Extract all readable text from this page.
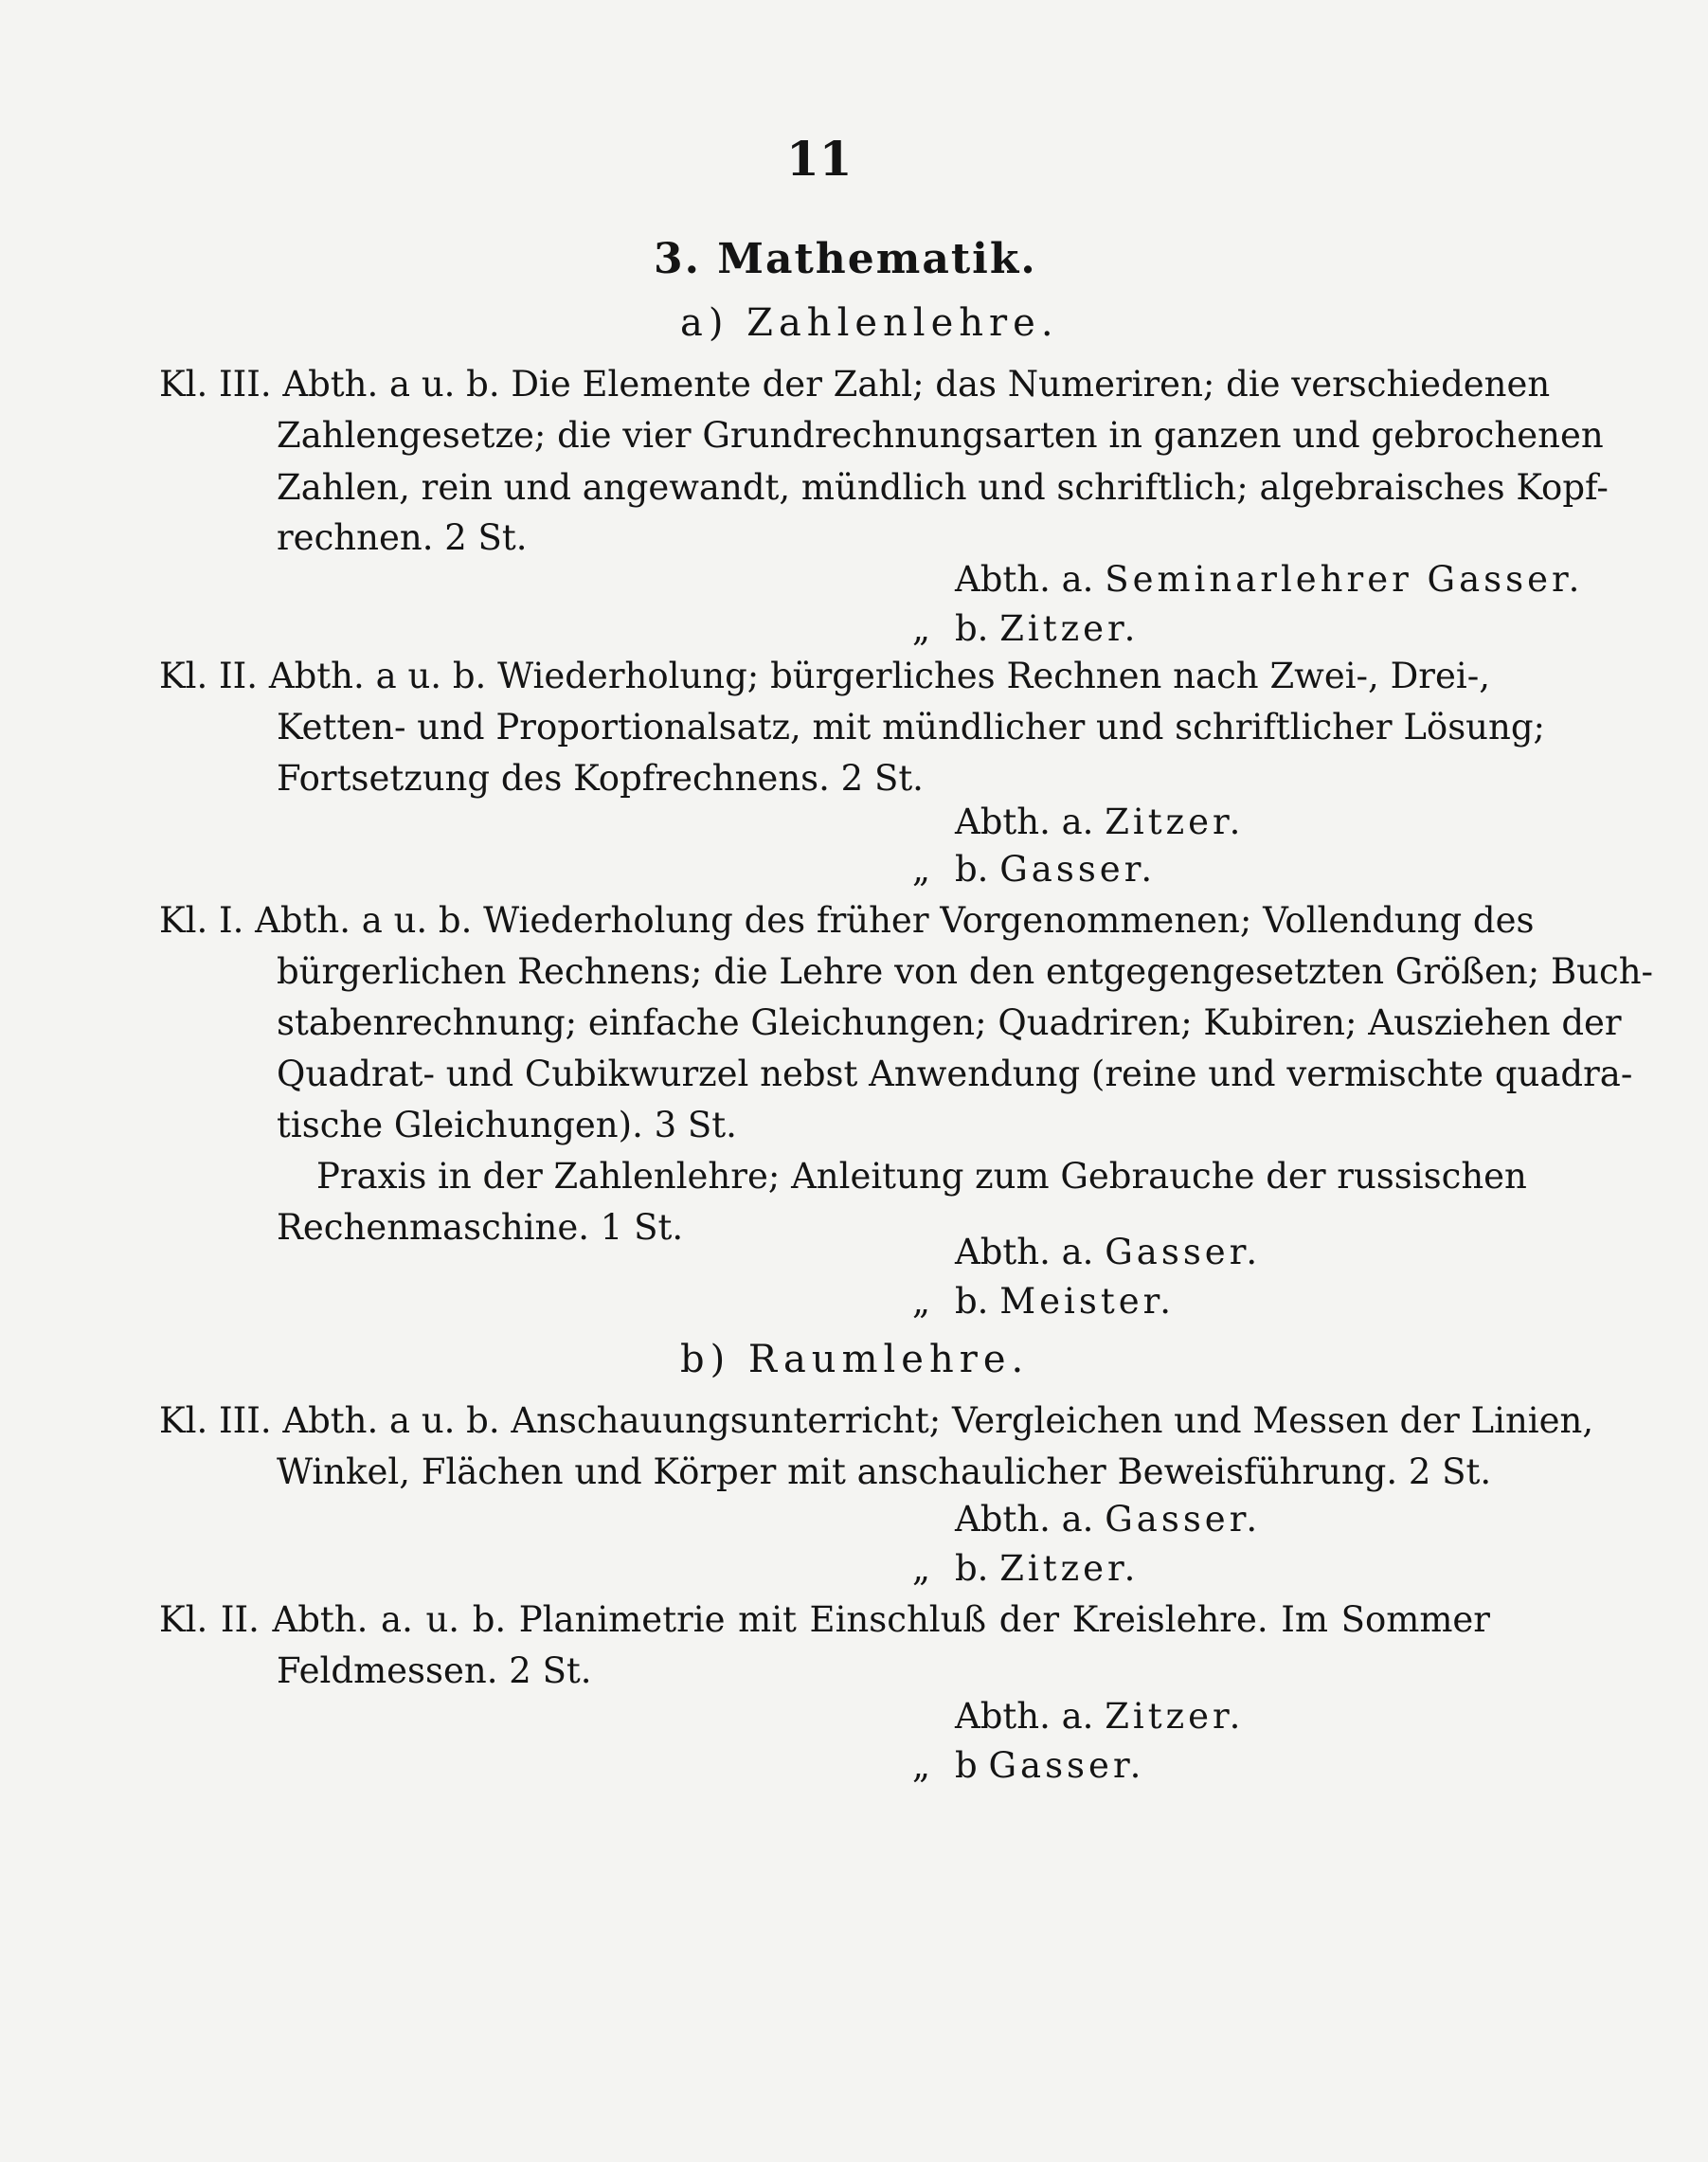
11
3. Mathematik.
a) Zahlenlehre.
Kl. III. Abth. a u. b. Die Elemente der Zahl; das Numeriren; die verschiedenen
Zahlengesetze; die vier Grundrechnungsarten in ganzen und gebrochenen
Zahlen, rein und angewandt, mündlich und schriftlich; algebraisches Kopf-
rechnen. 2 St.
Abth. a. Seminarlehrer Gasser.
„ b. Zitzer.
Kl. II. Abth. a u. b. Wiederholung; bürgerliches Rechnen nach Zwei-, Drei-,
Ketten- und Proportionalsatz, mit mündlicher und schriftlicher Lösung;
Fortsetzung des Kopfrechnens. 2 St.
Abth. a. Zitzer.
„ b. Gasser.
Kl. I. Abth. a u. b. Wiederholung des früher Vorgenommenen; Vollendung des
bürgerlichen Rechnens; die Lehre von den entgegengesetzten Größen; Buch-
stabenrechnung; einfache Gleichungen; Quadriren; Kubiren; Ausziehen der
Quadrat- und Cubikwurzel nebst Anwendung (reine und vermischte quadra-
tische Gleichungen). 3 St.
Praxis in der Zahlenlehre; Anleitung zum Gebrauche der russischen
Rechenmaschine. 1 St.
Abth. a. Gasser.
„ b. Meister.
b) Raumlehre.
Kl. III. Abth. a u. b. Anschauungsunterricht; Vergleichen und Messen der Linien,
Winkel, Flächen und Körper mit anschaulicher Beweisführung. 2 St.
Abth. a. Gasser.
„ b. Zitzer.
Kl. II. Abth. a. u. b. Planimetrie mit Einschluß der Kreislehre. Im Sommer
Feldmessen. 2 St.
Abth. a. Zitzer.
„ b Gasser.
